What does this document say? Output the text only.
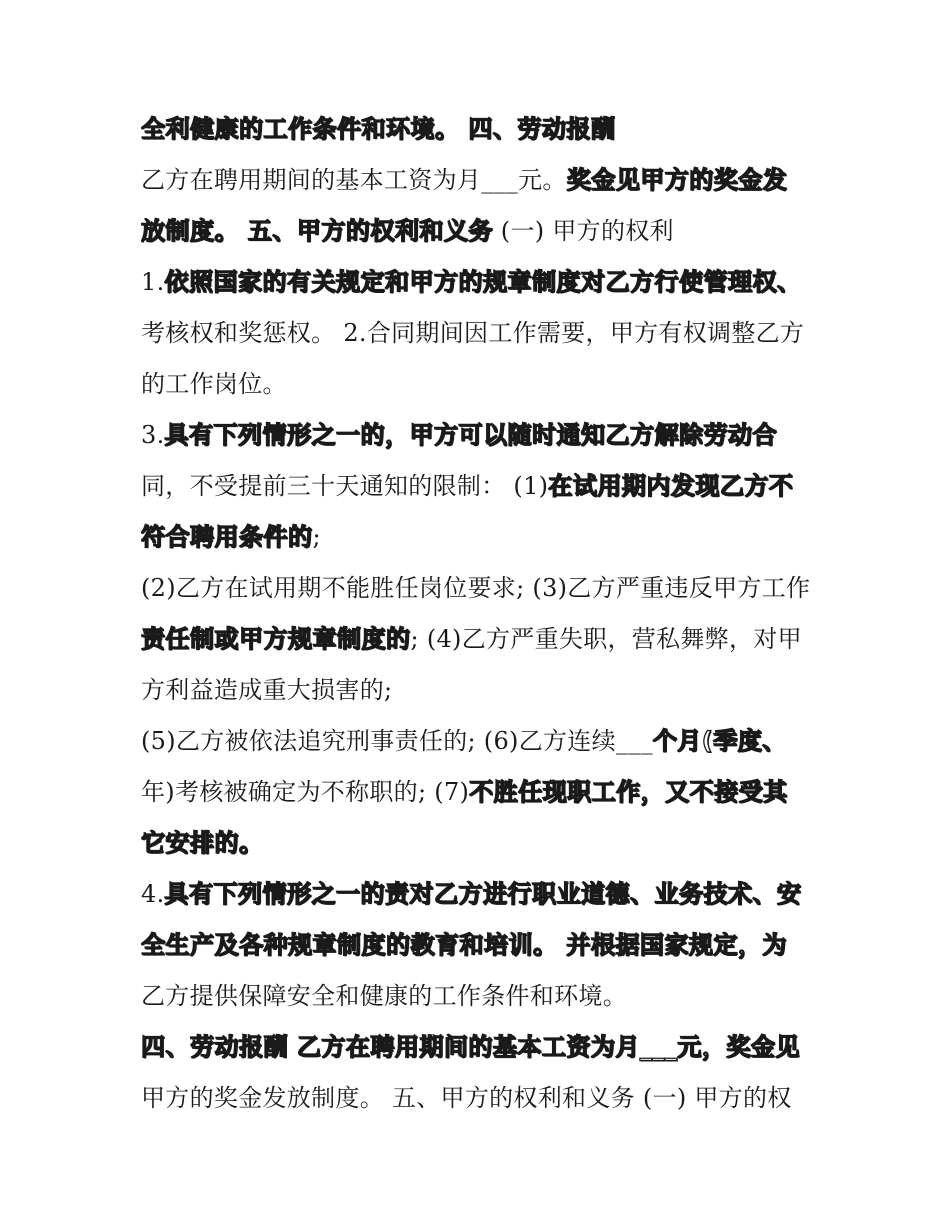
全利健康的工作条件和环境。 四、劳动报酬
乙方在聘用期间的基本工资为月___元。奖金见甲方的奖金发
放制度。 五、甲方的权利和义务 (一) 甲方的权利
1.依照国家的有关规定和甲方的规章制度对乙方行使管理权、
考核权和奖惩权。 2.合同期间因工作需要，甲方有权调整乙方
的工作岗位。
3.具有下列情形之一的，甲方可以随时通知乙方解除劳动合
同，不受提前三十天通知的限制： (1)在试用期内发现乙方不
符合聘用条件的;
(2)乙方在试用期不能胜任岗位要求; (3)乙方严重违反甲方工作
责任制或甲方规章制度的; (4)乙方严重失职，营私舞弊，对甲
方利益造成重大损害的;
(5)乙方被依法追究刑事责任的; (6)乙方连续___个月(季度、
年)考核被确定为不称职的; (7)不胜任现职工作，又不接受其
它安排的。
4.具有下列情形之一的责对乙方进行职业道德、业务技术、安
全生产及各种规章制度的教育和培训。 并根据国家规定，为
乙方提供保障安全和健康的工作条件和环境。
四、劳动报酬 乙方在聘用期间的基本工资为月___元，奖金见
甲方的奖金发放制度。 五、甲方的权利和义务 (一) 甲方的权
